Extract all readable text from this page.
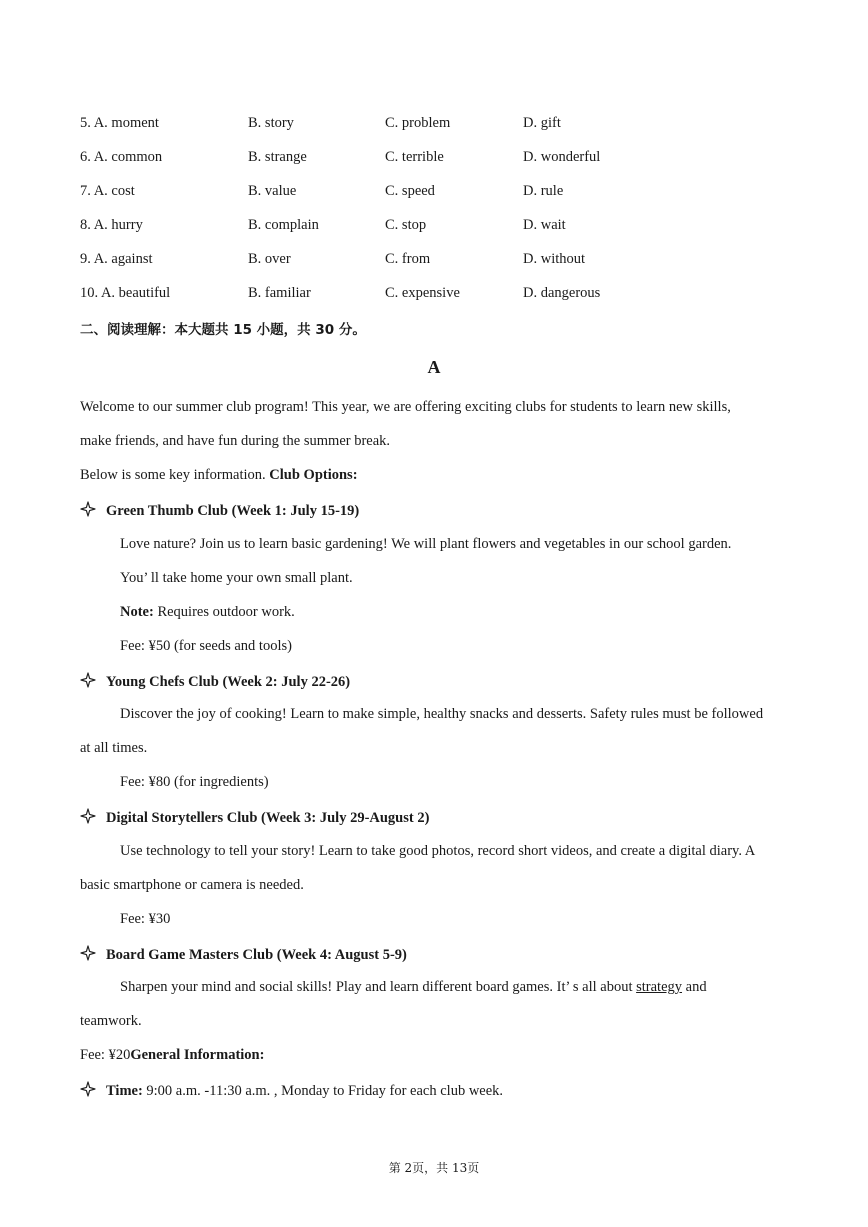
5. A. moment	B. story	C. problem	D. gift
6. A. common	B. strange	C. terrible	D. wonderful
7. A. cost	B. value	C. speed	D. rule
8. A. hurry	B. complain	C. stop	D. wait
9. A. against	B. over	C. from	D. without
10. A. beautiful	B. familiar	C. expensive	D. dangerous
二、阅读理解：本大题共 15 小题，共 30 分。
A
Welcome to our summer club program! This year, we are offering exciting clubs for students to learn new skills,
make friends, and have fun during the summer break.
Below is some key information. Club Options:
Green Thumb Club (Week 1: July 15-19)
Love nature? Join us to learn basic gardening! We will plant flowers and vegetables in our school garden.
You’ ll take home your own small plant.
Note: Requires outdoor work.
Fee: ¥50 (for seeds and tools)
Young Chefs Club (Week 2: July 22-26)
Discover the joy of cooking! Learn to make simple, healthy snacks and desserts. Safety rules must be followed
at all times.
Fee: ¥80 (for ingredients)
Digital Storytellers Club (Week 3: July 29-August 2)
Use technology to tell your story! Learn to take good photos, record short videos, and create a digital diary. A
basic smartphone or camera is needed.
Fee: ¥30
Board Game Masters Club (Week 4: August 5-9)
Sharpen your mind and social skills! Play and learn different board games. It’ s all about strategy and
teamwork.
Fee: ¥20General Information:
Time: 9:00 a.m. -11:30 a.m. , Monday to Friday for each club week.
第 2页，共 13页
